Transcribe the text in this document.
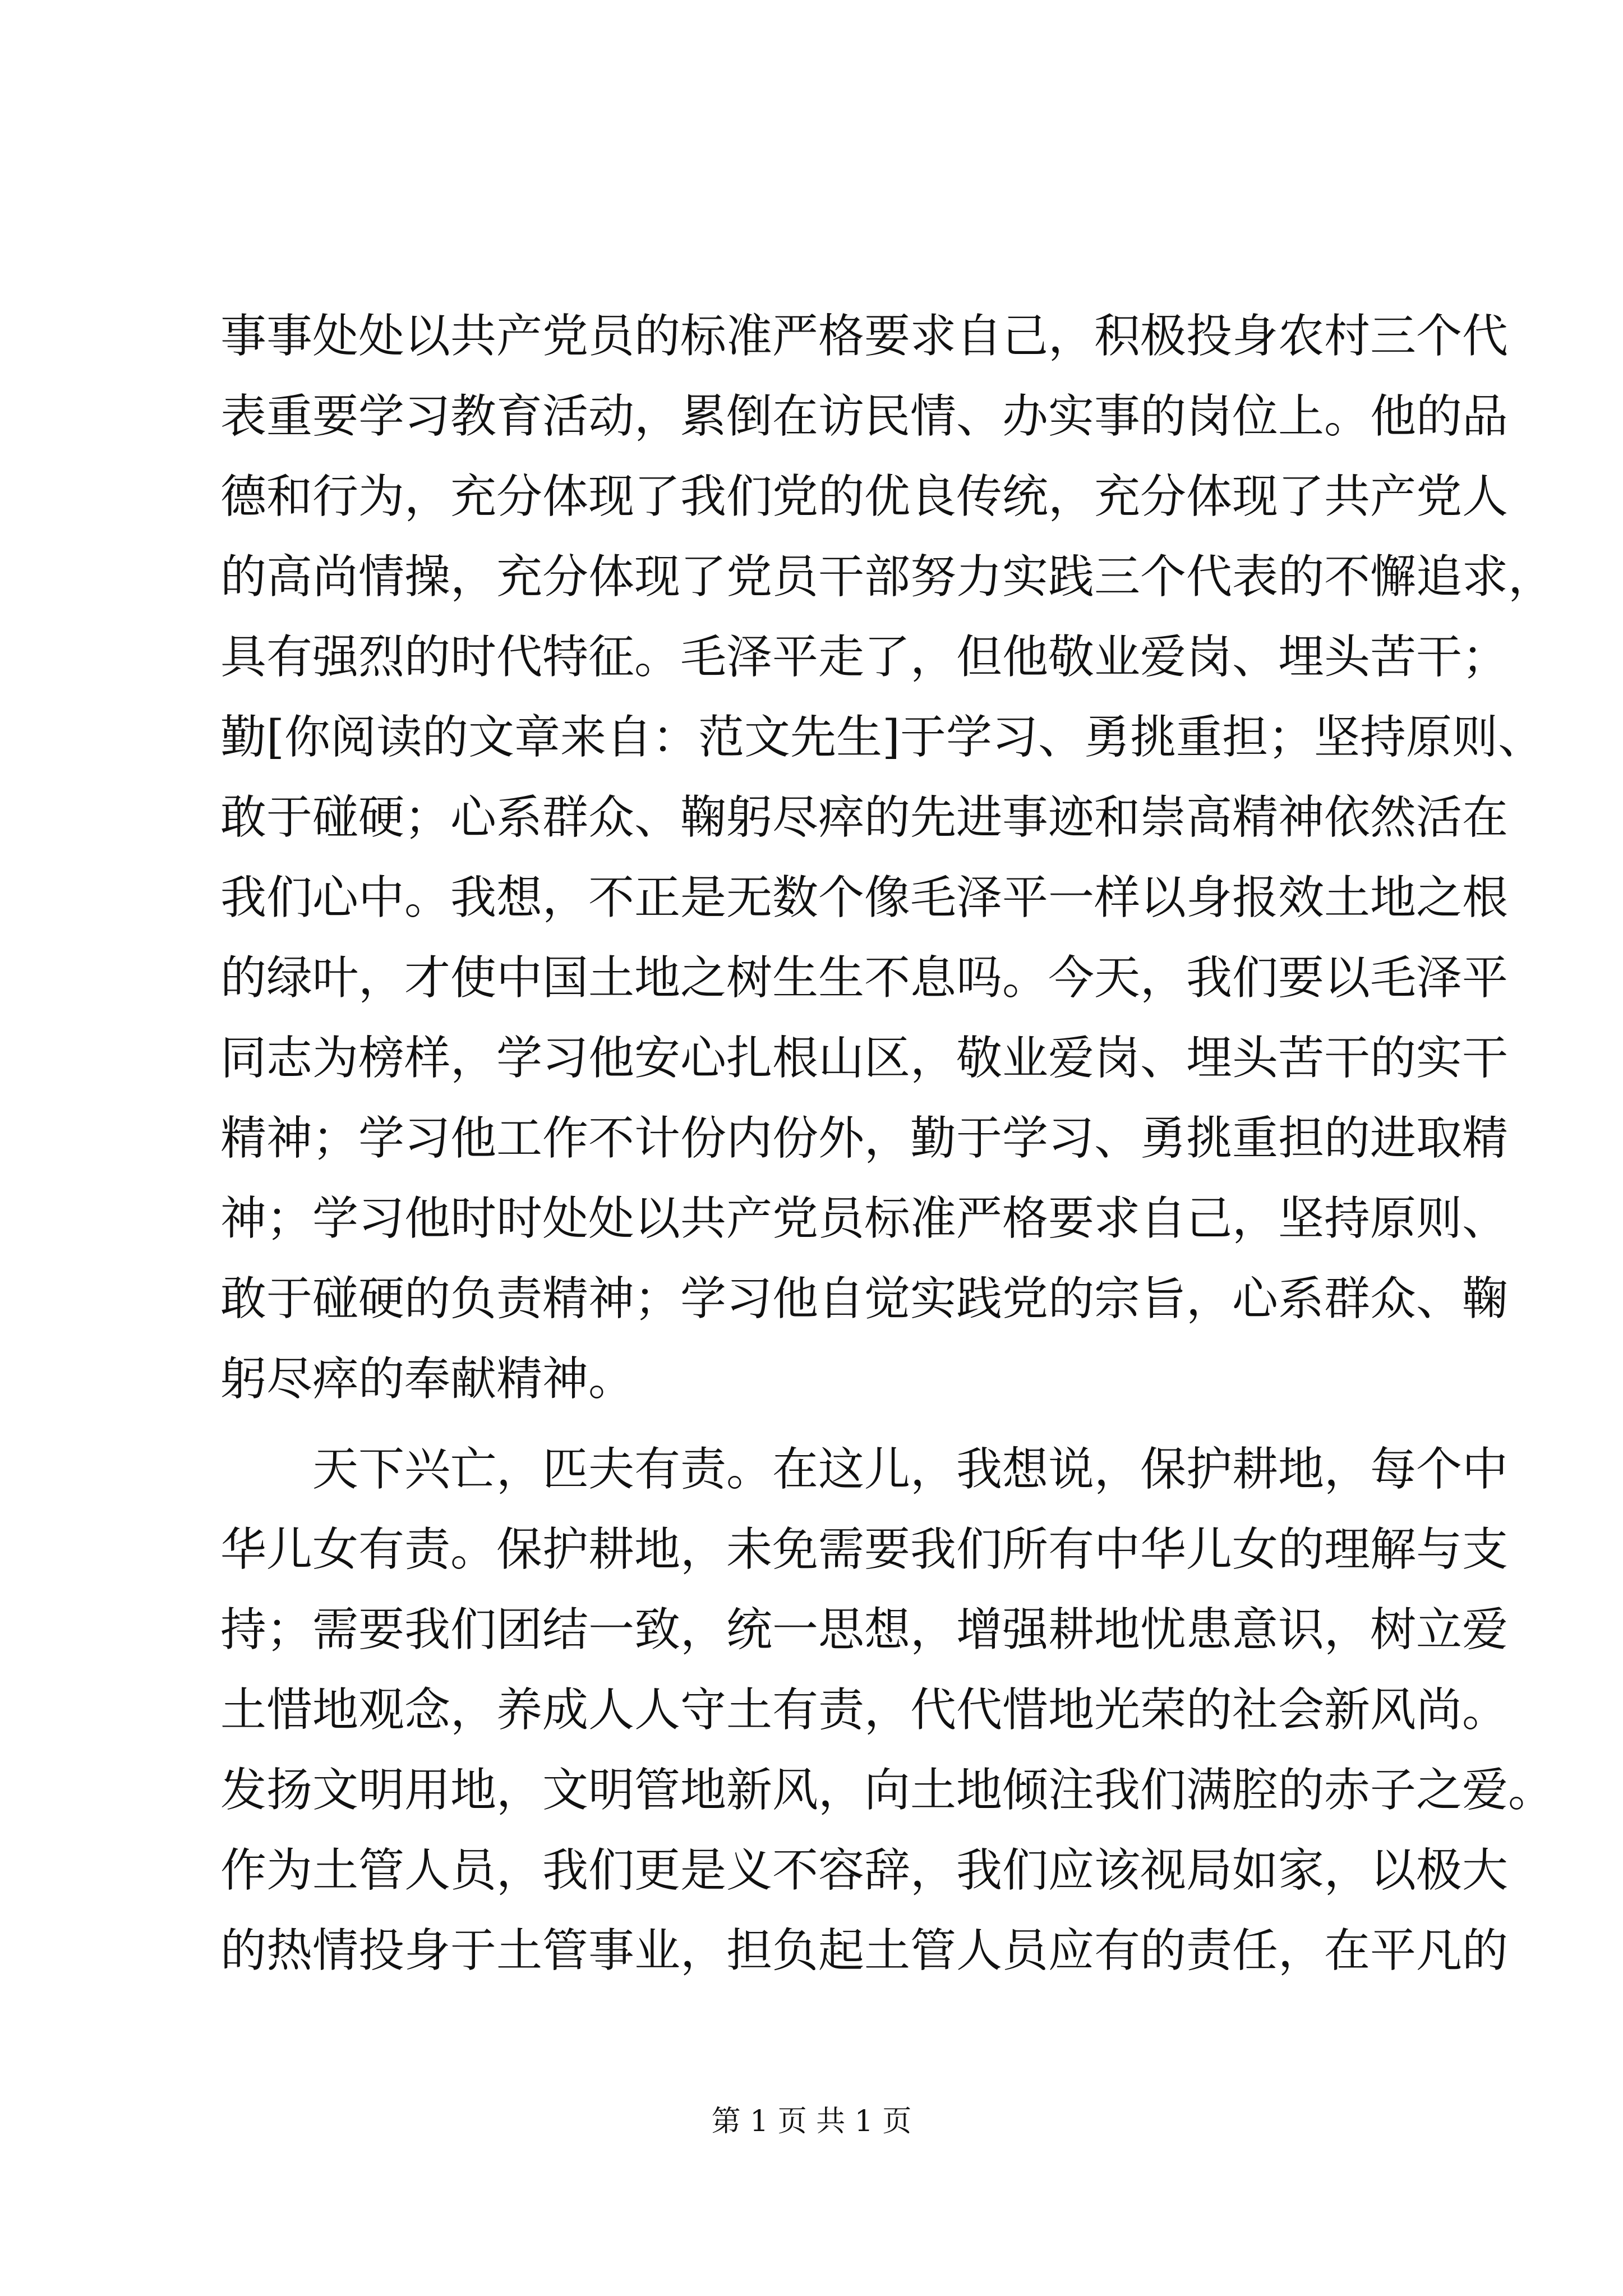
事事处处以共产党员的标准严格要求自己，积极投身农村三个代
表重要学习教育活动，累倒在访民情、办实事的岗位上。他的品
德和行为，充分体现了我们党的优良传统，充分体现了共产党人
的高尚情操，充分体现了党员干部努力实践三个代表的不懈追求，
具有强烈的时代特征。毛泽平走了，但他敬业爱岗、埋头苦干；
勤[你阅读的文章来自：范文先生]于学习、勇挑重担；坚持原则、
敢于碰硬；心系群众、鞠躬尽瘁的先进事迹和崇高精神依然活在
我们心中。我想，不正是无数个像毛泽平一样以身报效土地之根
的绿叶，才使中国土地之树生生不息吗。今天，我们要以毛泽平
同志为榜样，学习他安心扎根山区，敬业爱岗、埋头苦干的实干
精神；学习他工作不计份内份外，勤于学习、勇挑重担的进取精
神；学习他时时处处以共产党员标准严格要求自己，坚持原则、
敢于碰硬的负责精神；学习他自觉实践党的宗旨，心系群众、鞠
躬尽瘁的奉献精神。
　　天下兴亡，匹夫有责。在这儿，我想说，保护耕地，每个中
华儿女有责。保护耕地，未免需要我们所有中华儿女的理解与支
持；需要我们团结一致，统一思想，增强耕地忧患意识，树立爱
土惜地观念，养成人人守土有责，代代惜地光荣的社会新风尚。
发扬文明用地，文明管地新风，向土地倾注我们满腔的赤子之爱。
作为土管人员，我们更是义不容辞，我们应该视局如家，以极大
的热情投身于土管事业，担负起土管人员应有的责任，在平凡的
第 1 页 共 1 页
